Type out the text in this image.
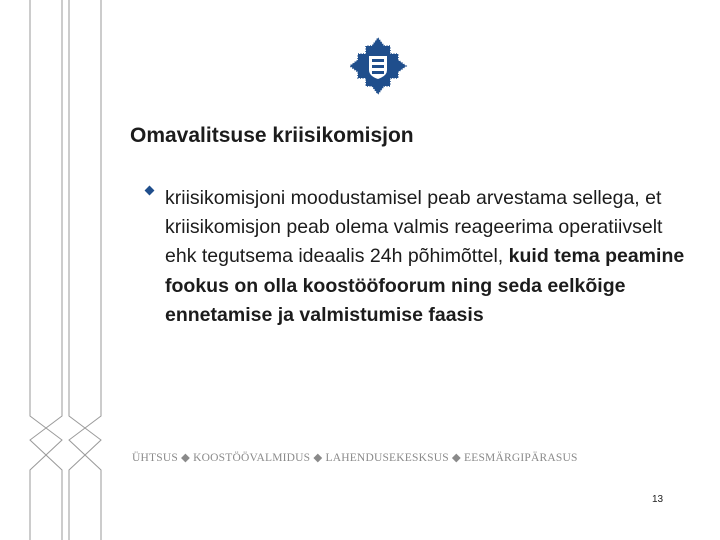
Omavalitsuse kriisikomisjon

kriisikomisjoni moodustamisel peab arvestama sellega, et kriisikomisjon peab olema valmis reageerima operatiivselt ehk tegutsema ideaalis 24h põhimõttel, kuid tema peamine fookus on olla koostööfoorum ning seda eelkõige ennetamise ja valmistumise faasis

ÜHTSUS ◆ KOOSTÖÖVALMIDUS ◆ LAHENDUSEKESKSUS ◆ EESMÄRGIPÄRASUS
13
